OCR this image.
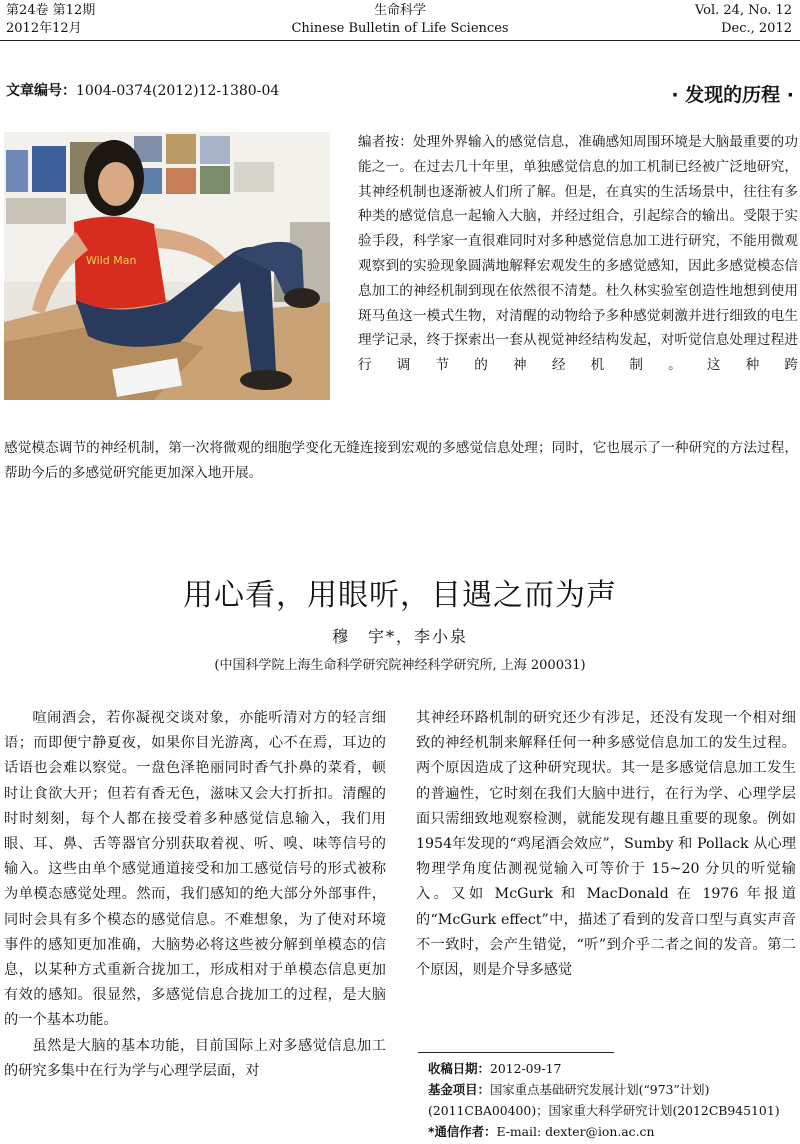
第24卷 第12期
2012年12月
生命科学
Chinese Bulletin of Life Sciences
Vol. 24, No. 12
Dec., 2012
文章编号：1004-0374(2012)12-1380-04	· 发现的历程 ·
Wild Man
编者按：处理外界输入的感觉信息，准确感知周围环境是大脑最重要的功能之一。在过去几十年里，单独感觉信息的加工机制已经被广泛地研究，其神经机制也逐渐被人们所了解。但是，在真实的生活场景中，往往有多种类的感觉信息一起输入大脑，并经过组合，引起综合的输出。受限于实验手段，科学家一直很难同时对多种感觉信息加工进行研究，不能用微观观察到的实验现象圆满地解释宏观发生的多感觉感知，因此多感觉模态信息加工的神经机制到现在依然很不清楚。杜久林实验室创造性地想到使用斑马鱼这一模式生物，对清醒的动物给予多种感觉刺激并进行细致的电生理学记录，终于探索出一套从视觉神经结构发起，对听觉信息处理过程进行调节的神经机制。这种跨
感觉模态调节的神经机制，第一次将微观的细胞学变化无缝连接到宏观的多感觉信息处理；同时，它也展示了一种研究的方法过程，帮助今后的多感觉研究能更加深入地开展。
用心看，用眼听，目遇之而为声
穆　宇*，李小泉
(中国科学院上海生命科学研究院神经科学研究所, 上海 200031)

喧闹酒会，若你凝视交谈对象，亦能听清对方的轻言细语；而即便宁静夏夜，如果你目光游离，心不在焉，耳边的话语也会难以察觉。一盘色泽艳丽同时香气扑鼻的菜肴，顿时让食欲大开；但若有香无色，滋味又会大打折扣。清醒的时时刻刻，每个人都在接受着多种感觉信息输入，我们用眼、耳、鼻、舌等器官分别获取着视、听、嗅、味等信号的输入。这些由单个感觉通道接受和加工感觉信号的形式被称为单模态感觉处理。然而，我们感知的绝大部分外部事件，同时会具有多个模态的感觉信息。不难想象，为了使对环境事件的感知更加准确，大脑势必将这些被分解到单模态的信息，以某种方式重新合拢加工，形成相对于单模态信息更加有效的感知。很显然，多感觉信息合拢加工的过程，是大脑的一个基本功能。

虽然是大脑的基本功能，目前国际上对多感觉信息加工的研究多集中在行为学与心理学层面，对

其神经环路机制的研究还少有涉足，还没有发现一个相对细致的神经机制来解释任何一种多感觉信息加工的发生过程。两个原因造成了这种研究现状。其一是多感觉信息加工发生的普遍性，它时刻在我们大脑中进行，在行为学、心理学层面只需细致地观察检测，就能发现有趣且重要的现象。例如1954年发现的“鸡尾酒会效应”，Sumby 和 Pollack 从心理物理学角度估测视觉输入可等价于 15~20 分贝的听觉输入。又如 McGurk 和 MacDonald 在 1976 年报道的“McGurk effect”中，描述了看到的发音口型与真实声音不一致时，会产生错觉，“听”到介乎二者之间的发音。第二个原因，则是介导多感觉

收稿日期：2012-09-17
基金项目：国家重点基础研究发展计划(“973”计划)(2011CBA00400)；国家重大科学研究计划(2012CB945101)
*通信作者：E-mail: dexter@ion.ac.cn
